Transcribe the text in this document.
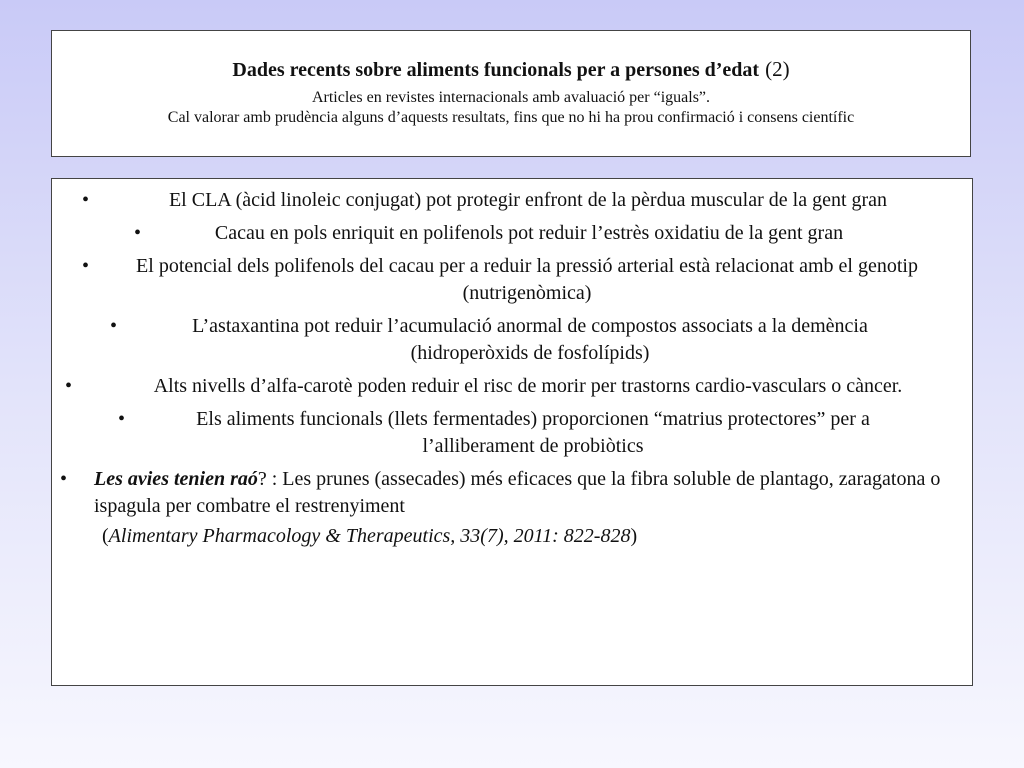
Dades recents sobre aliments funcionals per a persones d’edat (2)
Articles en revistes internacionals amb avaluació per “iguals”.
Cal valorar amb prudència alguns d’aquests resultats, fins que no hi ha prou confirmació i consens científic
•	El CLA (àcid linoleic conjugat) pot protegir enfront de la pèrdua muscular de la gent gran
•	Cacau en pols enriquit en polifenols pot reduir l’estrès oxidatiu de la gent gran
•	El potencial dels polifenols del cacau per a reduir la pressió arterial està relacionat amb el genotip (nutrigenòmica)
•	L’astaxantina pot reduir l’acumulació anormal de compostos associats a la demència (hidroperòxids de fosfolípids)
•	Alts nivells d’alfa-carotè poden reduir el risc de morir per trastorns cardio-vasculars o càncer.
•	Els aliments funcionals (llets fermentades) proporcionen “matrius protectores” per a l’alliberament de probiòtics
• Les avies tenien raó? : Les prunes (assecades) més eficaces que la fibra soluble de plantago, zaragatona o ispagula per combatre el restrenyiment
(Alimentary Pharmacology & Therapeutics, 33(7), 2011: 822-828)
